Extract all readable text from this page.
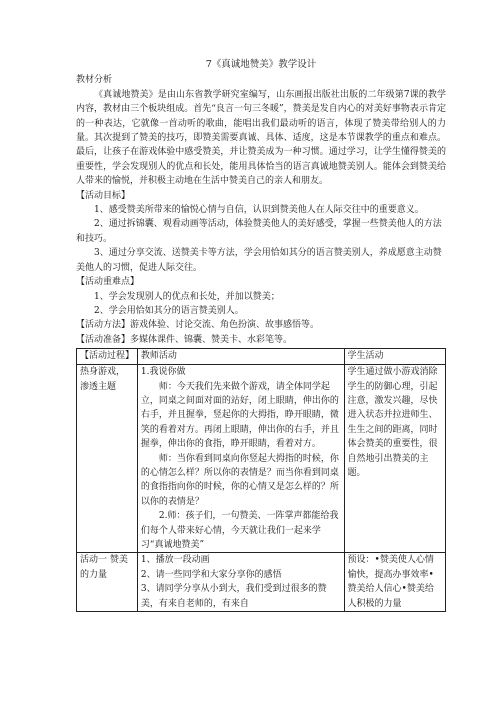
7《真诚地赞美》教学设计

教材分析

《真诚地赞美》是由山东省教学研究室编写，山东画报出版社出版的二年级第7课的教学内容，教材由三个板块组成。首先“良言一句三冬暖”，赞美是发自内心的对美好事物表示肯定的一种表达，它就像一首动听的歌曲，能唱出我们最动听的语言，体现了赞美带给别人的力量。其次提到了赞美的技巧，即赞美需要真诚、具体、适度，这是本节课教学的重点和难点。最后，让孩子在游戏体验中感受赞美，并让赞美成为一种习惯。通过学习，让学生懂得赞美的重要性，学会发现别人的优点和长处，能用具体恰当的语言真诚地赞美别人。能体会到赞美给人带来的愉悦，并积极主动地在生活中赞美自己的亲人和朋友。

【活动目标】

1、感受赞美所带来的愉悦心情与自信，认识到赞美他人在人际交往中的重要意义。

2、通过拆锦囊、观看动画等活动，体验赞美他人的美好感受，掌握一些赞美他人的方法和技巧。

3、通过分享交流、送赞美卡等方法，学会用恰如其分的语言赞美别人，养成愿意主动赞美他人的习惯，促进人际交往。

【活动重难点】

1、学会发现别人的优点和长处，并加以赞美；

2、学会用恰如其分的语言赞美别人。

【活动方法】游戏体验、讨论交流、角色扮演、故事感悟等。

【活动准备】多媒体课件、锦囊、赞美卡、水彩笔等。

【活动过程】	教师活动	学生活动
热身游戏，渗透主题	1.我说你做

师：今天我们先来做个游戏，请全体同学起立，同桌之间面对面的站好，闭上眼睛，伸出你的右手，并且握拳，竖起你的大拇指，睁开眼睛，微笑的看着对方。再闭上眼睛，伸出你的右手，并且握拳，伸出你的食指，睁开眼睛，看着对方。

师：当你看到同桌向你竖起大拇指的时候，你的心情怎么样？所以你的表情是？而当你看到同桌的食指指向你的时候，你的心情又是怎么样的？所以你的表情是？

2.师：孩子们，一句赞美、一阵掌声都能给我们每个人带来好心情，今天就让我们一起来学习“真诚地赞美”	学生通过做小游戏消除学生的防御心理，引起注意，激发兴趣，尽快进入状态并拉进师生、生生之间的距离，同时体会赞美的重要性，很自然地引出赞美的主题。
活动一 赞美的力量	1、播放一段动画

2、请一些同学和大家分享你的感悟

3、请同学分享从小到大，我们受到过很多的赞美，有来自老师的，有来自	预设：•赞美使人心情愉快，提高办事效率•赞美给人信心•赞美给人积极的力量
